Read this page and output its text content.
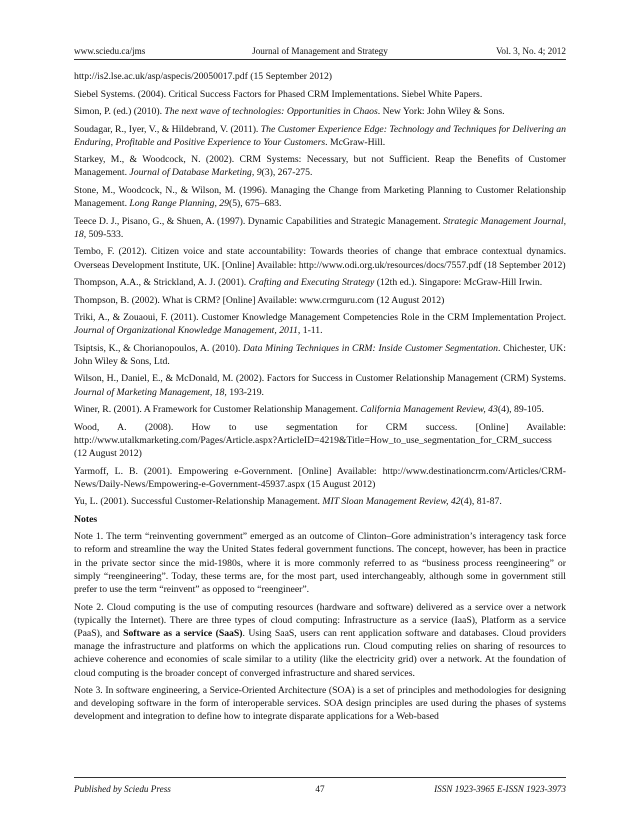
www.sciedu.ca/jms	Journal of Management and Strategy	Vol. 3, No. 4; 2012

http://is2.lse.ac.uk/asp/aspecis/20050017.pdf (15 September 2012)

Siebel Systems. (2004). Critical Success Factors for Phased CRM Implementations. Siebel White Papers.

Simon, P. (ed.) (2010). The next wave of technologies: Opportunities in Chaos. New York: John Wiley & Sons.

Soudagar, R., Iyer, V., & Hildebrand, V. (2011). The Customer Experience Edge: Technology and Techniques for Delivering an Enduring, Profitable and Positive Experience to Your Customers. McGraw-Hill.

Starkey, M., & Woodcock, N. (2002). CRM Systems: Necessary, but not Sufficient. Reap the Benefits of Customer Management. Journal of Database Marketing, 9(3), 267-275.

Stone, M., Woodcock, N., & Wilson, M. (1996). Managing the Change from Marketing Planning to Customer Relationship Management. Long Range Planning, 29(5), 675–683.

Teece D. J., Pisano, G., & Shuen, A. (1997). Dynamic Capabilities and Strategic Management. Strategic Management Journal, 18, 509-533.

Tembo, F. (2012). Citizen voice and state accountability: Towards theories of change that embrace contextual dynamics. Overseas Development Institute, UK. [Online] Available: http://www.odi.org.uk/resources/docs/7557.pdf (18 September 2012)

Thompson, A.A., & Strickland, A. J. (2001). Crafting and Executing Strategy (12th ed.). Singapore: McGraw-Hill Irwin.

Thompson, B. (2002). What is CRM? [Online] Available: www.crmguru.com (12 August 2012)

Triki, A., & Zouaoui, F. (2011). Customer Knowledge Management Competencies Role in the CRM Implementation Project. Journal of Organizational Knowledge Management, 2011, 1-11.

Tsiptsis, K., & Chorianopoulos, A. (2010). Data Mining Techniques in CRM: Inside Customer Segmentation. Chichester, UK: John Wiley & Sons, Ltd.

Wilson, H., Daniel, E., & McDonald, M. (2002). Factors for Success in Customer Relationship Management (CRM) Systems. Journal of Marketing Management, 18, 193-219.

Winer, R. (2001). A Framework for Customer Relationship Management. California Management Review, 43(4), 89-105.

Wood, A. (2008). How to use segmentation for CRM success. [Online] Available: http://www.utalkmarketing.com/Pages/Article.aspx?ArticleID=4219&Title=How_to_use_segmentation_for_CRM_success (12 August 2012)

Yarmoff, L. B. (2001). Empowering e-Government. [Online] Available: http://www.destinationcrm.com/Articles/CRM-News/Daily-News/Empowering-e-Government-45937.aspx (15 August 2012)

Yu, L. (2001). Successful Customer-Relationship Management. MIT Sloan Management Review, 42(4), 81-87.

Notes

Note 1. The term “reinventing government” emerged as an outcome of Clinton–Gore administration’s interagency task force to reform and streamline the way the United States federal government functions. The concept, however, has been in practice in the private sector since the mid-1980s, where it is more commonly referred to as “business process reengineering” or simply “reengineering”. Today, these terms are, for the most part, used interchangeably, although some in government still prefer to use the term “reinvent” as opposed to “reengineer”.

Note 2. Cloud computing is the use of computing resources (hardware and software) delivered as a service over a network (typically the Internet). There are three types of cloud computing: Infrastructure as a service (IaaS), Platform as a service (PaaS), and Software as a service (SaaS). Using SaaS, users can rent application software and databases. Cloud providers manage the infrastructure and platforms on which the applications run. Cloud computing relies on sharing of resources to achieve coherence and economies of scale similar to a utility (like the electricity grid) over a network. At the foundation of cloud computing is the broader concept of converged infrastructure and shared services.

Note 3. In software engineering, a Service-Oriented Architecture (SOA) is a set of principles and methodologies for designing and developing software in the form of interoperable services. SOA design principles are used during the phases of systems development and integration to define how to integrate disparate applications for a Web-based

Published by Sciedu Press	47	ISSN 1923-3965 E-ISSN 1923-3973
